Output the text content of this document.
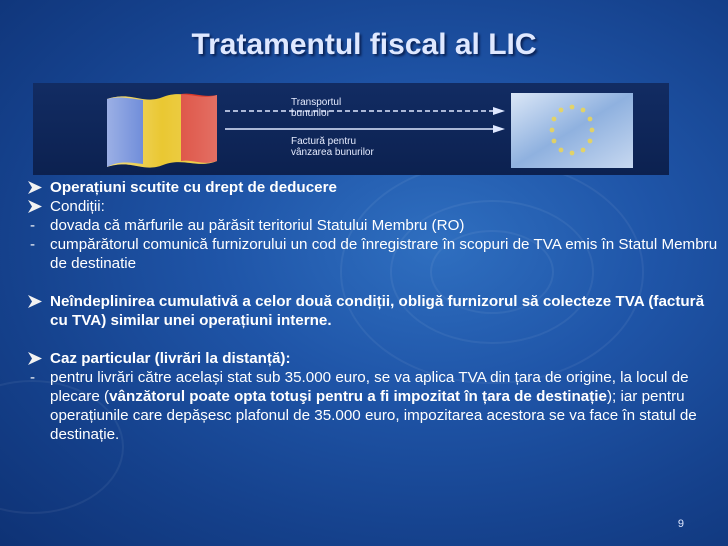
Tratamentul fiscal al LIC
Transportul
bunurilor
Factură pentru
vânzarea bunurilor
Operațiuni scutite cu drept de deducere
Condiții:
- dovada că mărfurile au părăsit teritoriul Statului Membru (RO)
- cumpărătorul comunică furnizorului un cod de înregistrare în scopuri de TVA emis în Statul Membru de destinatie
Neîndeplinirea cumulativă a celor două condiții, obligă furnizorul să colecteze TVA (factură cu TVA) similar unei operațiuni interne.
Caz particular (livrări la distanță):
- pentru livrări către același stat sub 35.000 euro, se va aplica TVA din țara de origine, la locul de plecare (vânzătorul poate opta totuşi pentru a fi impozitat în țara de destinație); iar pentru operațiunile care depășesc plafonul de 35.000 euro, impozitarea acestora se va face în statul de destinație.
9
